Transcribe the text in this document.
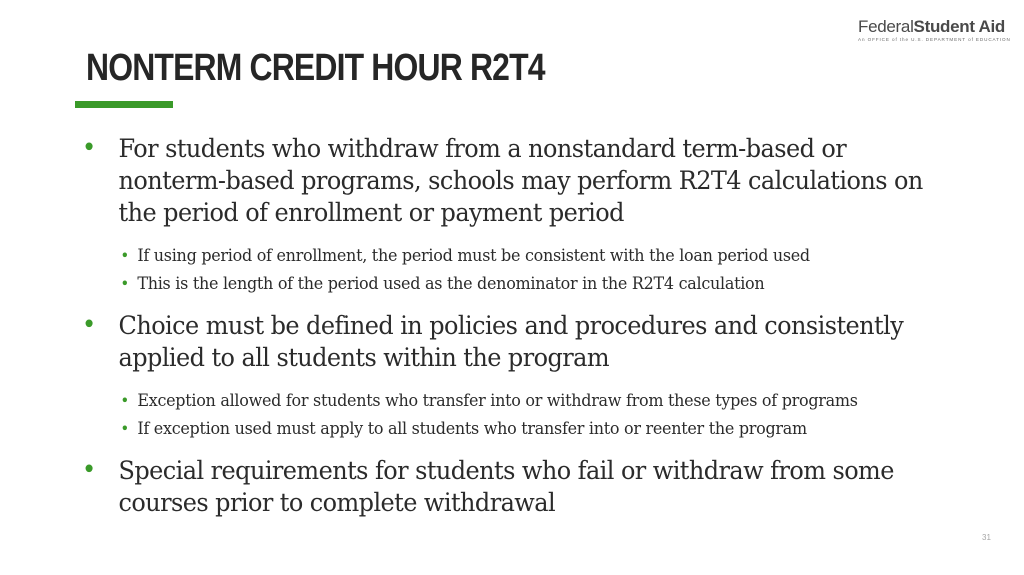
FederalStudent Aid
An OFFICE of the U.S. DEPARTMENT of EDUCATION
NONTERM CREDIT HOUR R2T4
• For students who withdraw from a nonstandard term-based or nonterm-based programs, schools may perform R2T4 calculations on the period of enrollment or payment period
• If using period of enrollment, the period must be consistent with the loan period used
• This is the length of the period used as the denominator in the R2T4 calculation
• Choice must be defined in policies and procedures and consistently applied to all students within the program
• Exception allowed for students who transfer into or withdraw from these types of programs
• If exception used must apply to all students who transfer into or reenter the program
• Special requirements for students who fail or withdraw from some courses prior to complete withdrawal
31
